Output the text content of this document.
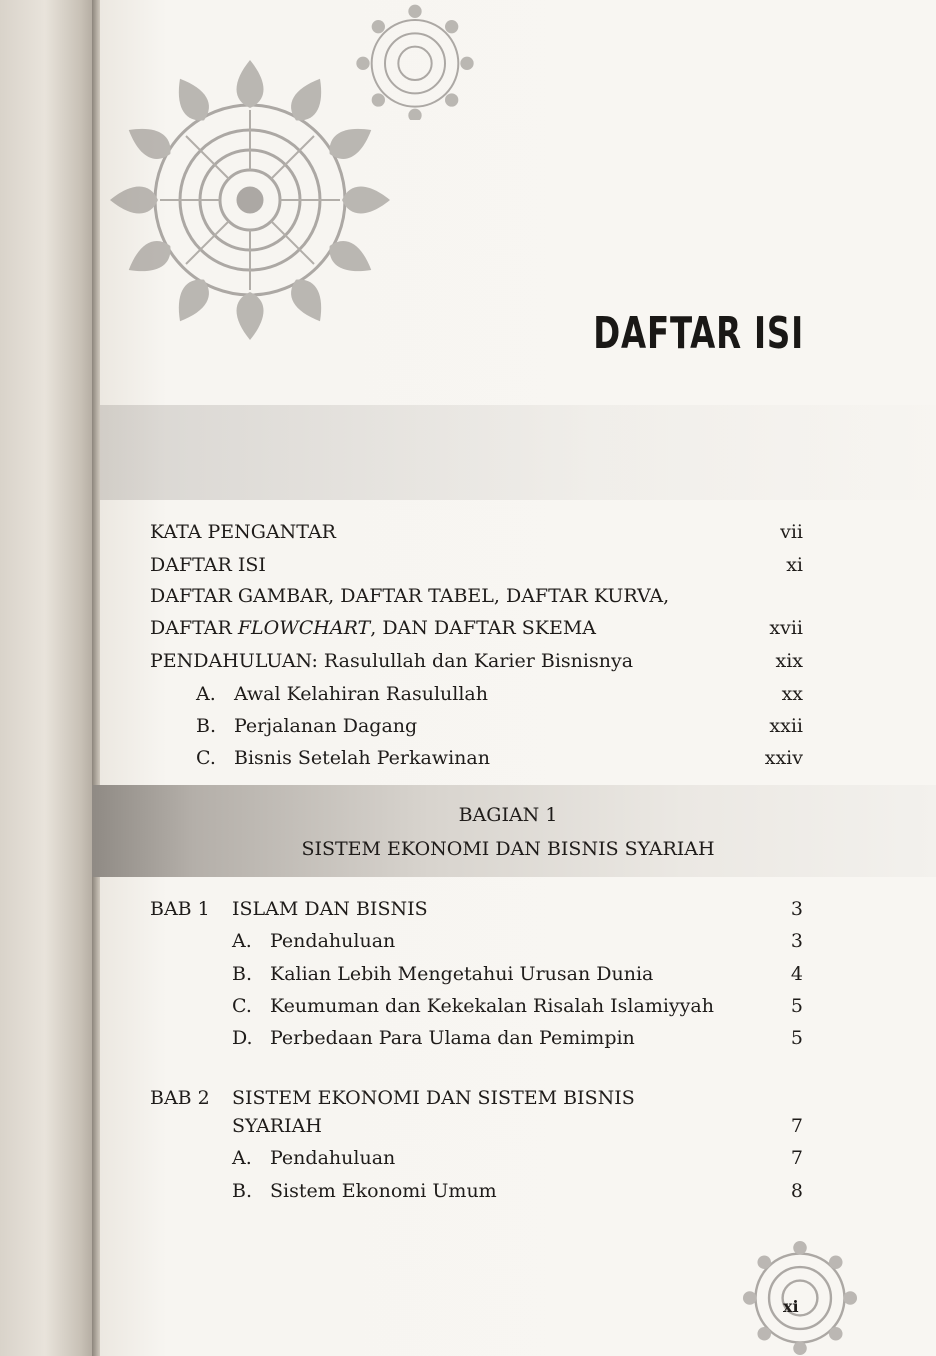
DAFTAR ISI
KATA PENGANTAR	vii
DAFTAR ISI	xi
DAFTAR GAMBAR, DAFTAR TABEL, DAFTAR KURVA,
DAFTAR FLOWCHART, DAN DAFTAR SKEMA	xvii
PENDAHULUAN: Rasulullah dan Karier Bisnisnya	xix
A. Awal Kelahiran Rasulullah	xx
B. Perjalanan Dagang	xxii
C. Bisnis Setelah Perkawinan	xxiv
BAGIAN 1
SISTEM EKONOMI DAN BISNIS SYARIAH
BAB 1 ISLAM DAN BISNIS	3
A. Pendahuluan	3
B. Kalian Lebih Mengetahui Urusan Dunia	4
C. Keumuman dan Kekekalan Risalah Islamiyyah	5
D. Perbedaan Para Ulama dan Pemimpin	5
BAB 2 SISTEM EKONOMI DAN SISTEM BISNIS
SYARIAH	7
A. Pendahuluan	7
B. Sistem Ekonomi Umum	8
xi
